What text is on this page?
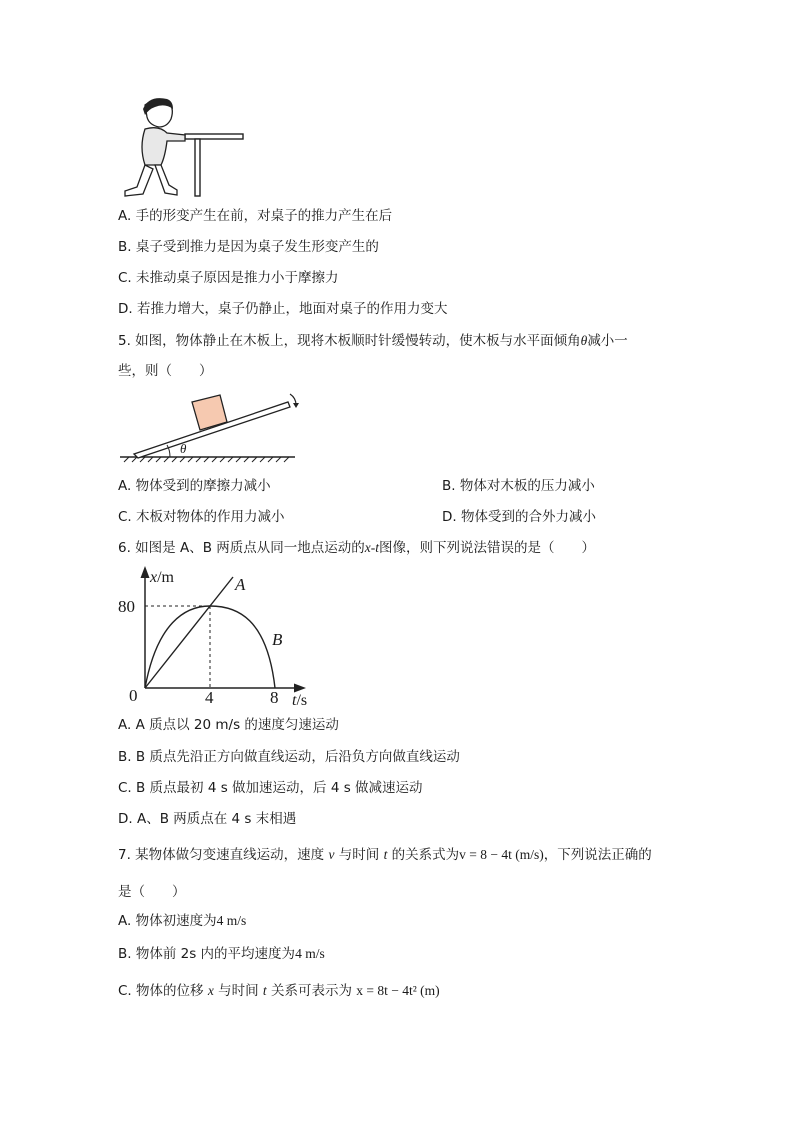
A. 手的形变产生在前，对桌子的推力产生在后
B. 桌子受到推力是因为桌子发生形变产生的
C. 未推动桌子原因是推力小于摩擦力
D. 若推力增大，桌子仍静止，地面对桌子的作用力变大
5. 如图，物体静止在木板上，现将木板顺时针缓慢转动，使木板与水平面倾角θ减小一
些，则（　　）
θ
A. 物体受到的摩擦力减小	B. 物体对木板的压力减小
C. 木板对物体的作用力减小	D. 物体受到的合外力减小
6. 如图是 A、B 两质点从同一地点运动的x-t图像，则下列说法错误的是（　　）
x/m
80
0	4	8 t/s
A
B
A. A 质点以 20 m/s 的速度匀速运动
B. B 质点先沿正方向做直线运动，后沿负方向做直线运动
C. B 质点最初 4 s 做加速运动，后 4 s 做减速运动
D. A、B 两质点在 4 s 末相遇
7. 某物体做匀变速直线运动，速度 v 与时间 t 的关系式为v = 8 − 4t (m/s)，下列说法正确的
是（　　）
A. 物体初速度为4 m/s
B. 物体前 2s 内的平均速度为4 m/s
C. 物体的位移 x 与时间 t 关系可表示为 x = 8t − 4t² (m)
